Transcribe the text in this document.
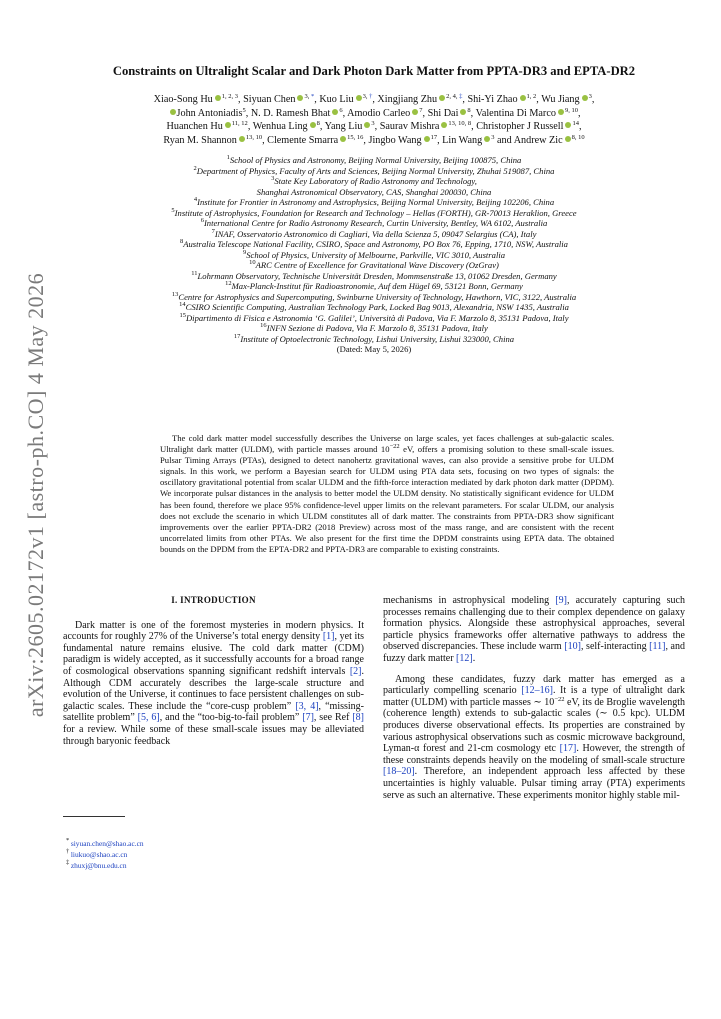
arXiv:2605.02172v1 [astro-ph.CO] 4 May 2026
Constraints on Ultralight Scalar and Dark Photon Dark Matter from PPTA-DR3 and EPTA-DR2
Xiao-Song Hu $^{1, 2, 3}$, Siyuan Chen $^{3, *}$, Kuo Liu $^{3, \dagger}$, Xingjiang Zhu $^{2, 4, \ddagger}$, Shi-Yi Zhao $^{1, 2}$, Wu Jiang $^3$,
John Antoniadis$^5$, N. D. Ramesh Bhat $^6$, Amodio Carleo $^7$, Shi Dai $^8$, Valentina Di Marco $^{9, 10}$,
Huanchen Hu $^{11, 12}$, Wenhua Ling $^8$, Yang Liu $^3$, Saurav Mishra $^{13, 10, 8}$, Christopher J Russell $^{14}$,
Ryan M. Shannon $^{13, 10}$, Clemente Smarra $^{15, 16}$, Jingbo Wang $^{17}$, Lin Wang $^3$ and Andrew Zic $^{8, 10}$
$^1$School of Physics and Astronomy, Beijing Normal University, Beijing 100875, China
$^2$Department of Physics, Faculty of Arts and Sciences, Beijing Normal University, Zhuhai 519087, China
$^3$State Key Laboratory of Radio Astronomy and Technology,
Shanghai Astronomical Observatory, CAS, Shanghai 200030, China
$^4$Institute for Frontier in Astronomy and Astrophysics, Beijing Normal University, Beijing 102206, China
$^5$Institute of Astrophysics, Foundation for Research and Technology – Hellas (FORTH), GR-70013 Heraklion, Greece
$^6$International Centre for Radio Astronomy Research, Curtin University, Bentley, WA 6102, Australia
$^7$INAF, Osservatorio Astronomico di Cagliari, Via della Scienza 5, 09047 Selargius (CA), Italy
$^8$Australia Telescope National Facility, CSIRO, Space and Astronomy, PO Box 76, Epping, 1710, NSW, Australia
$^9$School of Physics, University of Melbourne, Parkville, VIC 3010, Australia
$^{10}$ARC Centre of Excellence for Gravitational Wave Discovery (OzGrav)
$^{11}$Lohrmann Observatory, Technische Universität Dresden, Mommsenstraße 13, 01062 Dresden, Germany
$^{12}$Max-Planck-Institut für Radioastronomie, Auf dem Hügel 69, 53121 Bonn, Germany
$^{13}$Centre for Astrophysics and Supercomputing, Swinburne University of Technology, Hawthorn, VIC, 3122, Australia
$^{14}$CSIRO Scientific Computing, Australian Technology Park, Locked Bag 9013, Alexandria, NSW 1435, Australia
$^{15}$Dipartimento di Fisica e Astronomia ‘G. Galilei’, Università di Padova, Via F. Marzolo 8, 35131 Padova, Italy
$^{16}$INFN Sezione di Padova, Via F. Marzolo 8, 35131 Padova, Italy
$^{17}$Institute of Optoelectronic Technology, Lishui University, Lishui 323000, China
(Dated: May 5, 2026)
The cold dark matter model successfully describes the Universe on large scales, yet faces challenges at sub-galactic scales. Ultralight dark matter (ULDM), with particle masses around $10^{-22}$ eV, offers a promising solution to these small-scale issues. Pulsar Timing Arrays (PTAs), designed to detect nanohertz gravitational waves, can also provide a sensitive probe for ULDM signals. In this work, we perform a Bayesian search for ULDM using PTA data sets, focusing on two types of signals: the oscillatory gravitational potential from scalar ULDM and the fifth-force interaction mediated by dark photon dark matter (DPDM). We incorporate pulsar distances in the analysis to better model the ULDM density. No statistically significant evidence for ULDM has been found, therefore we place 95% confidence-level upper limits on the relevant parameters. For scalar ULDM, our analysis does not exclude the scenario in which ULDM constitutes all of dark matter. The constraints from PPTA-DR3 show significant improvements over the earlier PPTA-DR2 (2018 Preview) across most of the mass range, and are consistent with the recent uncorrelated limits from other PTAs. We also present for the first time the DPDM constraints using EPTA data. The obtained bounds on the DPDM from the EPTA-DR2 and PPTA-DR3 are comparable to existing constraints.
I. INTRODUCTION
Dark matter is one of the foremost mysteries in modern physics. It accounts for roughly 27% of the Universe’s total energy density [1], yet its fundamental nature remains elusive. The cold dark matter (CDM) paradigm is widely accepted, as it successfully accounts for a broad range of cosmological observations spanning significant redshift intervals [2]. Although CDM accurately describes the large-scale structure and evolution of the Universe, it continues to face persistent challenges on sub-galactic scales. These include the “core-cusp problem” [3, 4], “missing-satellite problem” [5, 6], and the “too-big-to-fail problem” [7], see Ref [8] for a review. While some of these small-scale issues may be alleviated through baryonic feedback
mechanisms in astrophysical modeling [9], accurately capturing such processes remains challenging due to their complex dependence on galaxy formation physics. Alongside these astrophysical approaches, several particle physics frameworks offer alternative pathways to address the observed discrepancies. These include warm [10], self-interacting [11], and fuzzy dark matter [12].
Among these candidates, fuzzy dark matter has emerged as a particularly compelling scenario [12–16]. It is a type of ultralight dark matter (ULDM) with particle masses ∼ $10^{-22}$ eV, its de Broglie wavelength (coherence length) extends to sub-galactic scales (∼ 0.5 kpc). ULDM produces diverse observational effects. Its properties are constrained by various astrophysical observations such as cosmic microwave background, Lyman-α forest and 21-cm cosmology etc [17]. However, the strength of these constraints depends heavily on the modeling of small-scale structure [18–20]. Therefore, an independent approach less affected by these uncertainties is highly valuable. Pulsar timing array (PTA) experiments serve as such an alternative. These experiments monitor highly stable mil-
* siyuan.chen@shao.ac.cn
† liukuo@shao.ac.cn
‡ zhuxj@bnu.edu.cn
